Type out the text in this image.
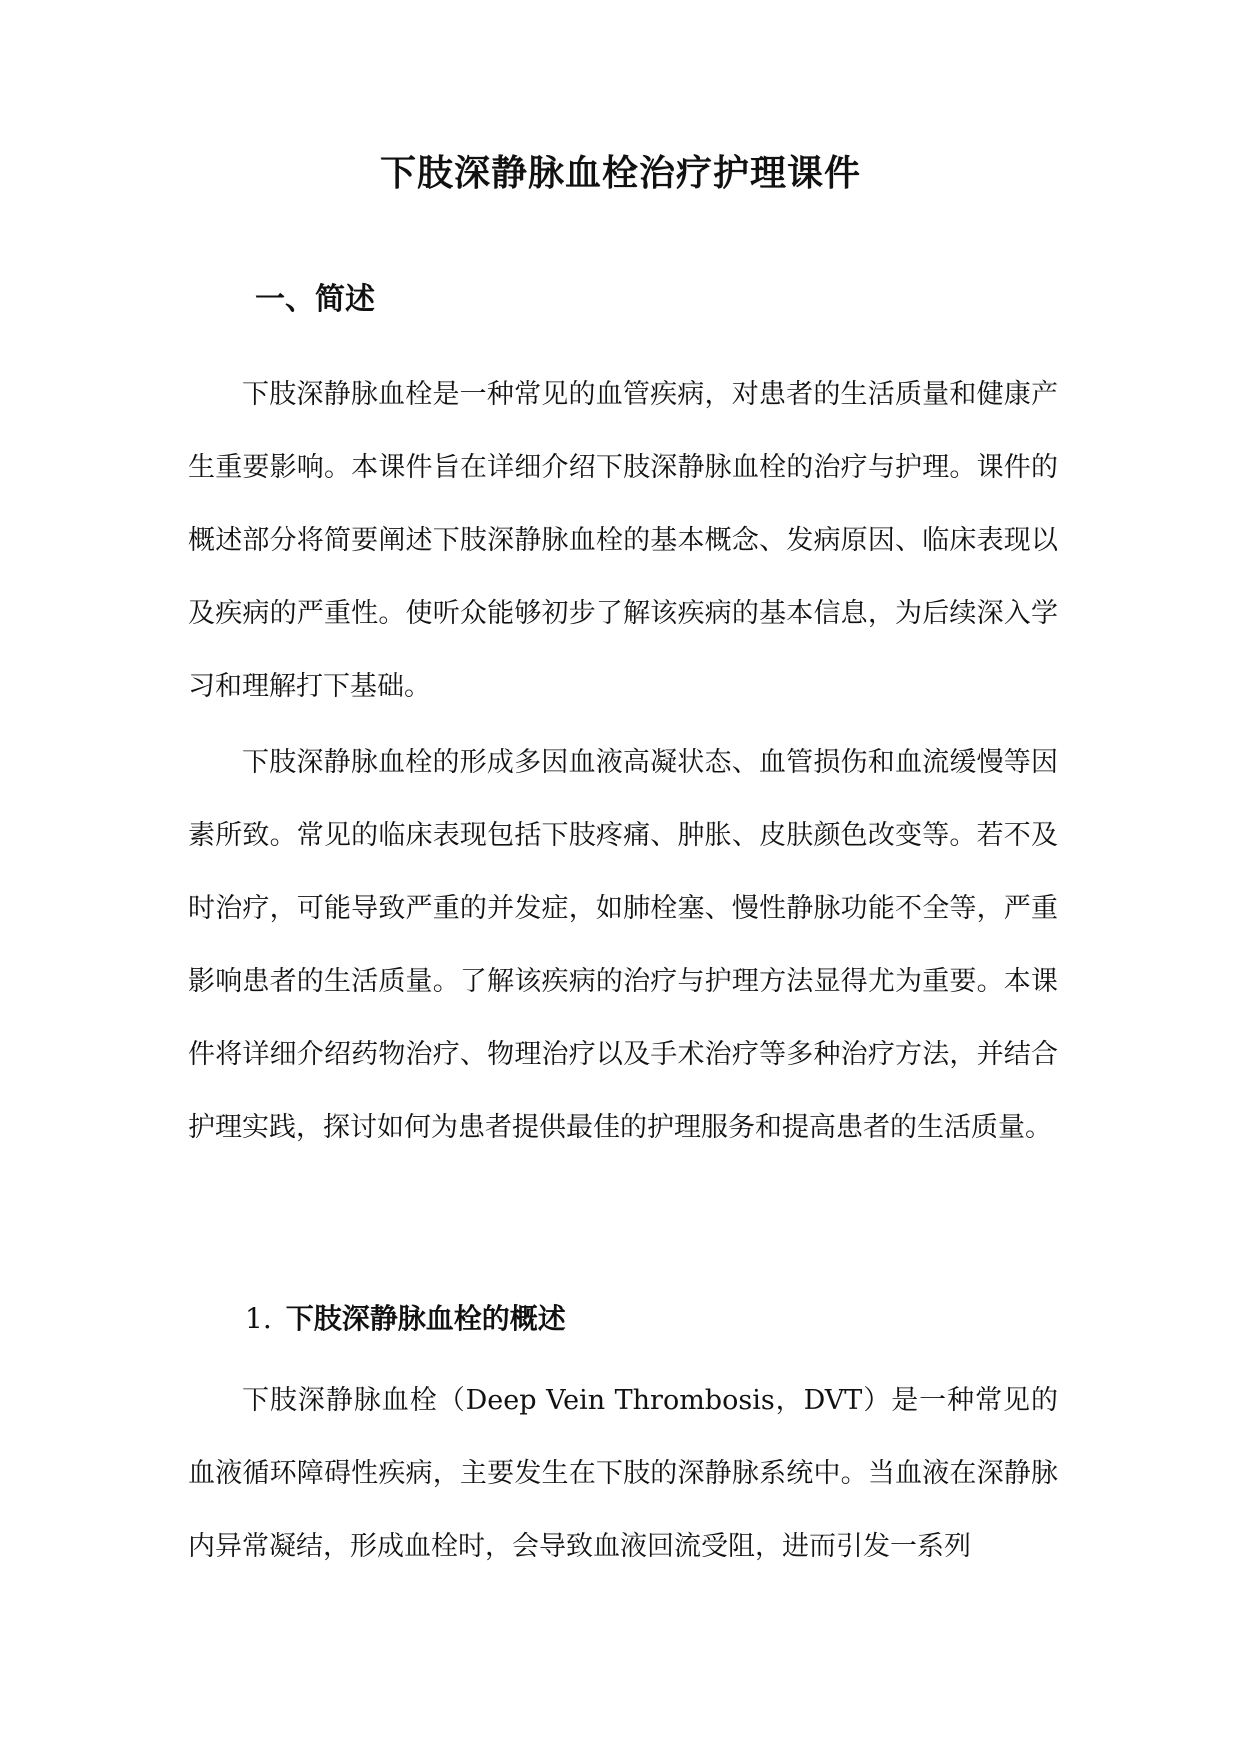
下肢深静脉血栓治疗护理课件
一、简述

下肢深静脉血栓是一种常见的血管疾病，对患者的生活质量和健康产生重要影响。本课件旨在详细介绍下肢深静脉血栓的治疗与护理。课件的概述部分将简要阐述下肢深静脉血栓的基本概念、发病原因、临床表现以及疾病的严重性。使听众能够初步了解该疾病的基本信息，为后续深入学习和理解打下基础。

下肢深静脉血栓的形成多因血液高凝状态、血管损伤和血流缓慢等因素所致。常见的临床表现包括下肢疼痛、肿胀、皮肤颜色改变等。若不及时治疗，可能导致严重的并发症，如肺栓塞、慢性静脉功能不全等，严重影响患者的生活质量。了解该疾病的治疗与护理方法显得尤为重要。本课件将详细介绍药物治疗、物理治疗以及手术治疗等多种治疗方法，并结合护理实践，探讨如何为患者提供最佳的护理服务和提高患者的生活质量。

1. 下肢深静脉血栓的概述

下肢深静脉血栓（Deep Vein Thrombosis，DVT）是一种常见的血液循环障碍性疾病，主要发生在下肢的深静脉系统中。当血液在深静脉内异常凝结，形成血栓时，会导致血液回流受阻，进而引发一系列
